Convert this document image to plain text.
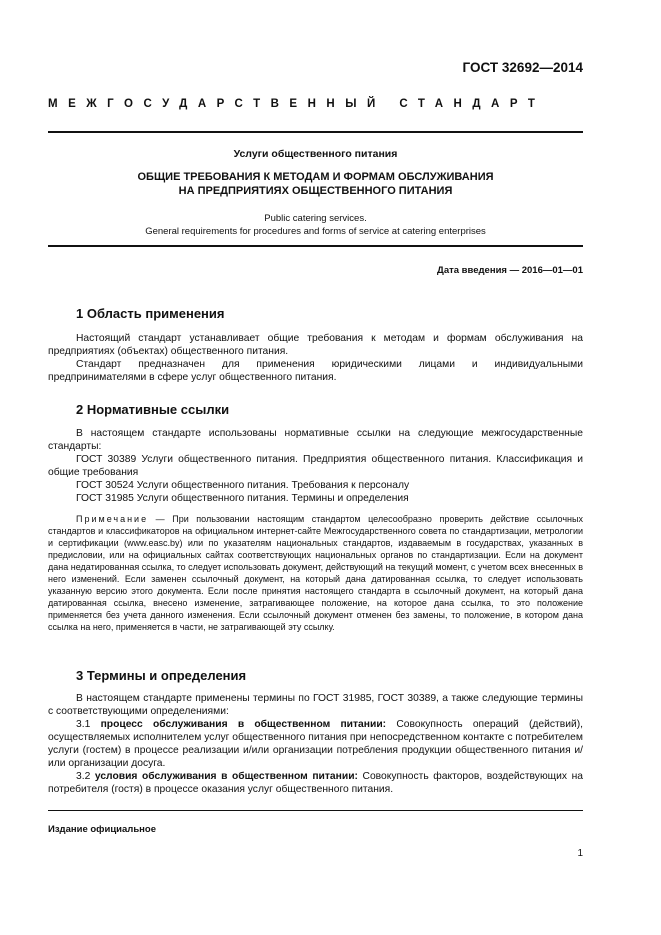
ГОСТ 32692—2014
МЕЖГОСУДАРСТВЕННЫЙ СТАНДАРТ
Услуги общественного питания
ОБЩИЕ ТРЕБОВАНИЯ К МЕТОДАМ И ФОРМАМ ОБСЛУЖИВАНИЯ
НА ПРЕДПРИЯТИЯХ ОБЩЕСТВЕННОГО ПИТАНИЯ
Public catering services.
General requirements for procedures and forms of service at catering enterprises
Дата введения — 2016—01—01
1 Область применения

Настоящий стандарт устанавливает общие требования к методам и формам обслуживания на предприятиях (объектах) общественного питания.

Стандарт предназначен для применения юридическими лицами и индивидуальными предпринимателями в сфере услуг общественного питания.

2 Нормативные ссылки

В настоящем стандарте использованы нормативные ссылки на следующие межгосударственные стандарты:

ГОСТ 30389 Услуги общественного питания. Предприятия общественного питания. Классификация и общие требования

ГОСТ 30524 Услуги общественного питания. Требования к персоналу

ГОСТ 31985 Услуги общественного питания. Термины и определения

Примечание — При пользовании настоящим стандартом целесообразно проверить действие ссылочных стандартов и классификаторов на официальном интернет-сайте Межгосударственного совета по стандартизации, метрологии и сертификации (www.easc.by) или по указателям национальных стандартов, издаваемым в государствах, указанных в предисловии, или на официальных сайтах соответствующих национальных органов по стандартизации. Если на документ дана недатированная ссылка, то следует использовать документ, действующий на текущий момент, с учетом всех внесенных в него изменений. Если заменен ссылочный документ, на который дана датированная ссылка, то следует использовать указанную версию этого документа. Если после принятия настоящего стандарта в ссылочный документ, на который дана датированная ссылка, внесено изменение, затрагивающее положение, на которое дана ссылка, то это положение применяется без учета данного изменения. Если ссылочный документ отменен без замены, то положение, в котором дана ссылка на него, применяется в части, не затрагивающей эту ссылку.

3 Термины и определения

В настоящем стандарте применены термины по ГОСТ 31985, ГОСТ 30389, а также следующие термины с соответствующими определениями:

3.1 процесс обслуживания в общественном питании: Совокупность операций (действий), осуществляемых исполнителем услуг общественного питания при непосредственном контакте с потребителем услуги (гостем) в процессе реализации и/или организации потребления продукции общественного питания и/или организации досуга.

3.2 условия обслуживания в общественном питании: Совокупность факторов, воздействующих на потребителя (гостя) в процессе оказания услуг общественного питания.

Издание официальное
1
